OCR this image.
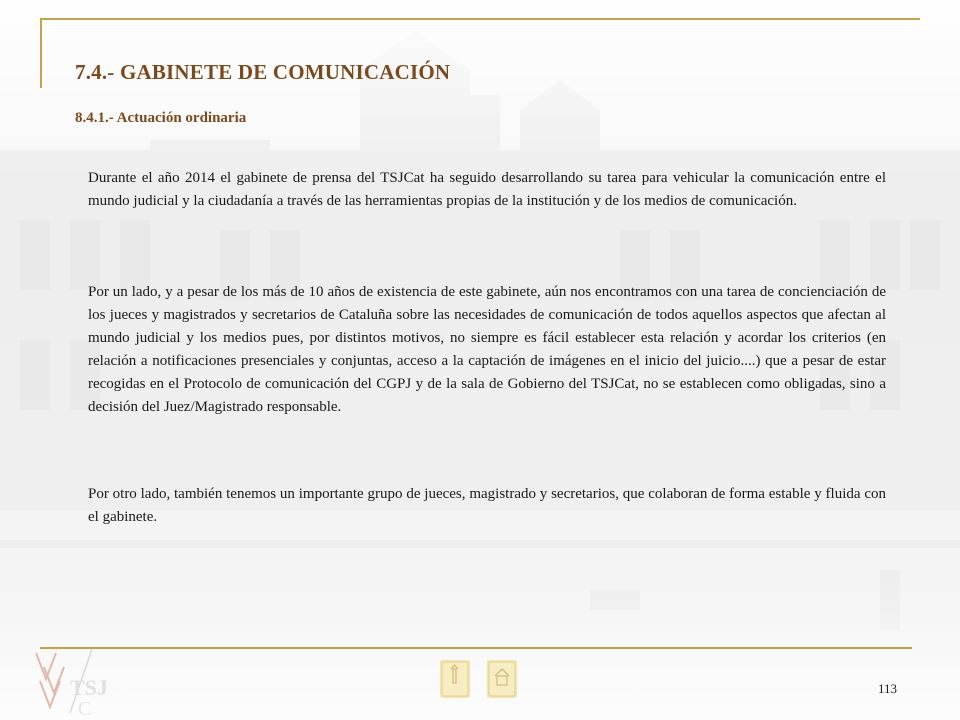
7.4.- GABINETE DE COMUNICACIÓN
8.4.1.- Actuación ordinaria
Durante el año 2014 el gabinete de prensa del TSJCat ha seguido desarrollando su tarea para vehicular la comunicación entre el mundo judicial y la ciudadanía a través de las herramientas propias de la institución y de los medios de comunicación.
Por un lado, y a pesar de los más de 10 años de existencia de este gabinete, aún nos encontramos con una tarea de concienciación de los jueces y magistrados y secretarios de Cataluña sobre las necesidades de comunicación de todos aquellos aspectos que afectan al mundo judicial y los medios pues, por distintos motivos, no siempre es fácil establecer esta relación y acordar los criterios (en relación a notificaciones presenciales y conjuntas, acceso a la captación de imágenes en el inicio del juicio....) que a pesar de estar recogidas en el Protocolo de comunicación del CGPJ y de la sala de Gobierno del TSJCat, no se establecen como obligadas, sino a decisión del Juez/Magistrado responsable.
Por otro lado, también tenemos un importante grupo de jueces, magistrado y secretarios, que colaboran de forma estable y fluida con el gabinete.
TSJ
C
113
